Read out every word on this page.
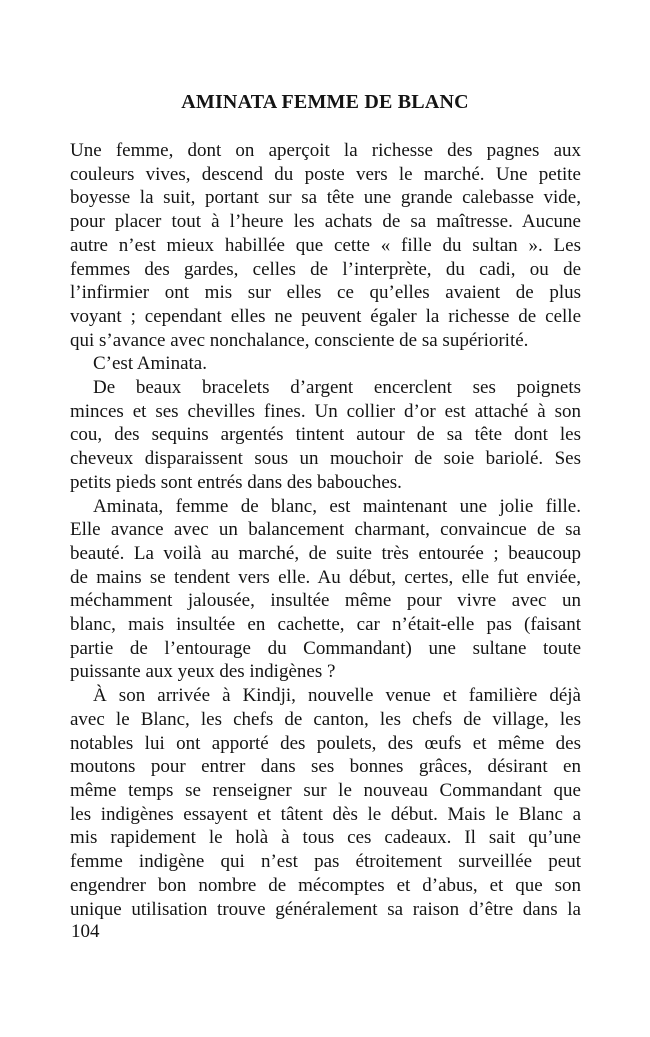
AMINATA FEMME DE BLANC
Une femme, dont on aperçoit la richesse des pagnes aux
couleurs vives, descend du poste vers le marché. Une petite
boyesse la suit, portant sur sa tête une grande calebasse vide,
pour placer tout à l’heure les achats de sa maîtresse. Aucune
autre n’est mieux habillée que cette « fille du sultan ». Les
femmes des gardes, celles de l’interprète, du cadi, ou de
l’infirmier ont mis sur elles ce qu’elles avaient de plus
voyant ; cependant elles ne peuvent égaler la richesse de celle
qui s’avance avec nonchalance, consciente de sa supériorité.
C’est Aminata.
De beaux bracelets d’argent encerclent ses poignets
minces et ses chevilles fines. Un collier d’or est attaché à son
cou, des sequins argentés tintent autour de sa tête dont les
cheveux disparaissent sous un mouchoir de soie bariolé. Ses
petits pieds sont entrés dans des babouches.
Aminata, femme de blanc, est maintenant une jolie fille.
Elle avance avec un balancement charmant, convaincue de sa
beauté. La voilà au marché, de suite très entourée ; beaucoup
de mains se tendent vers elle. Au début, certes, elle fut enviée,
méchamment jalousée, insultée même pour vivre avec un
blanc, mais insultée en cachette, car n’était-elle pas (faisant
partie de l’entourage du Commandant) une sultane toute
puissante aux yeux des indigènes ?
À son arrivée à Kindji, nouvelle venue et familière déjà
avec le Blanc, les chefs de canton, les chefs de village, les
notables lui ont apporté des poulets, des œufs et même des
moutons pour entrer dans ses bonnes grâces, désirant en
même temps se renseigner sur le nouveau Commandant que
les indigènes essayent et tâtent dès le début. Mais le Blanc a
mis rapidement le holà à tous ces cadeaux. Il sait qu’une
femme indigène qui n’est pas étroitement surveillée peut
engendrer bon nombre de mécomptes et d’abus, et que son
unique utilisation trouve généralement sa raison d’être dans la
104
